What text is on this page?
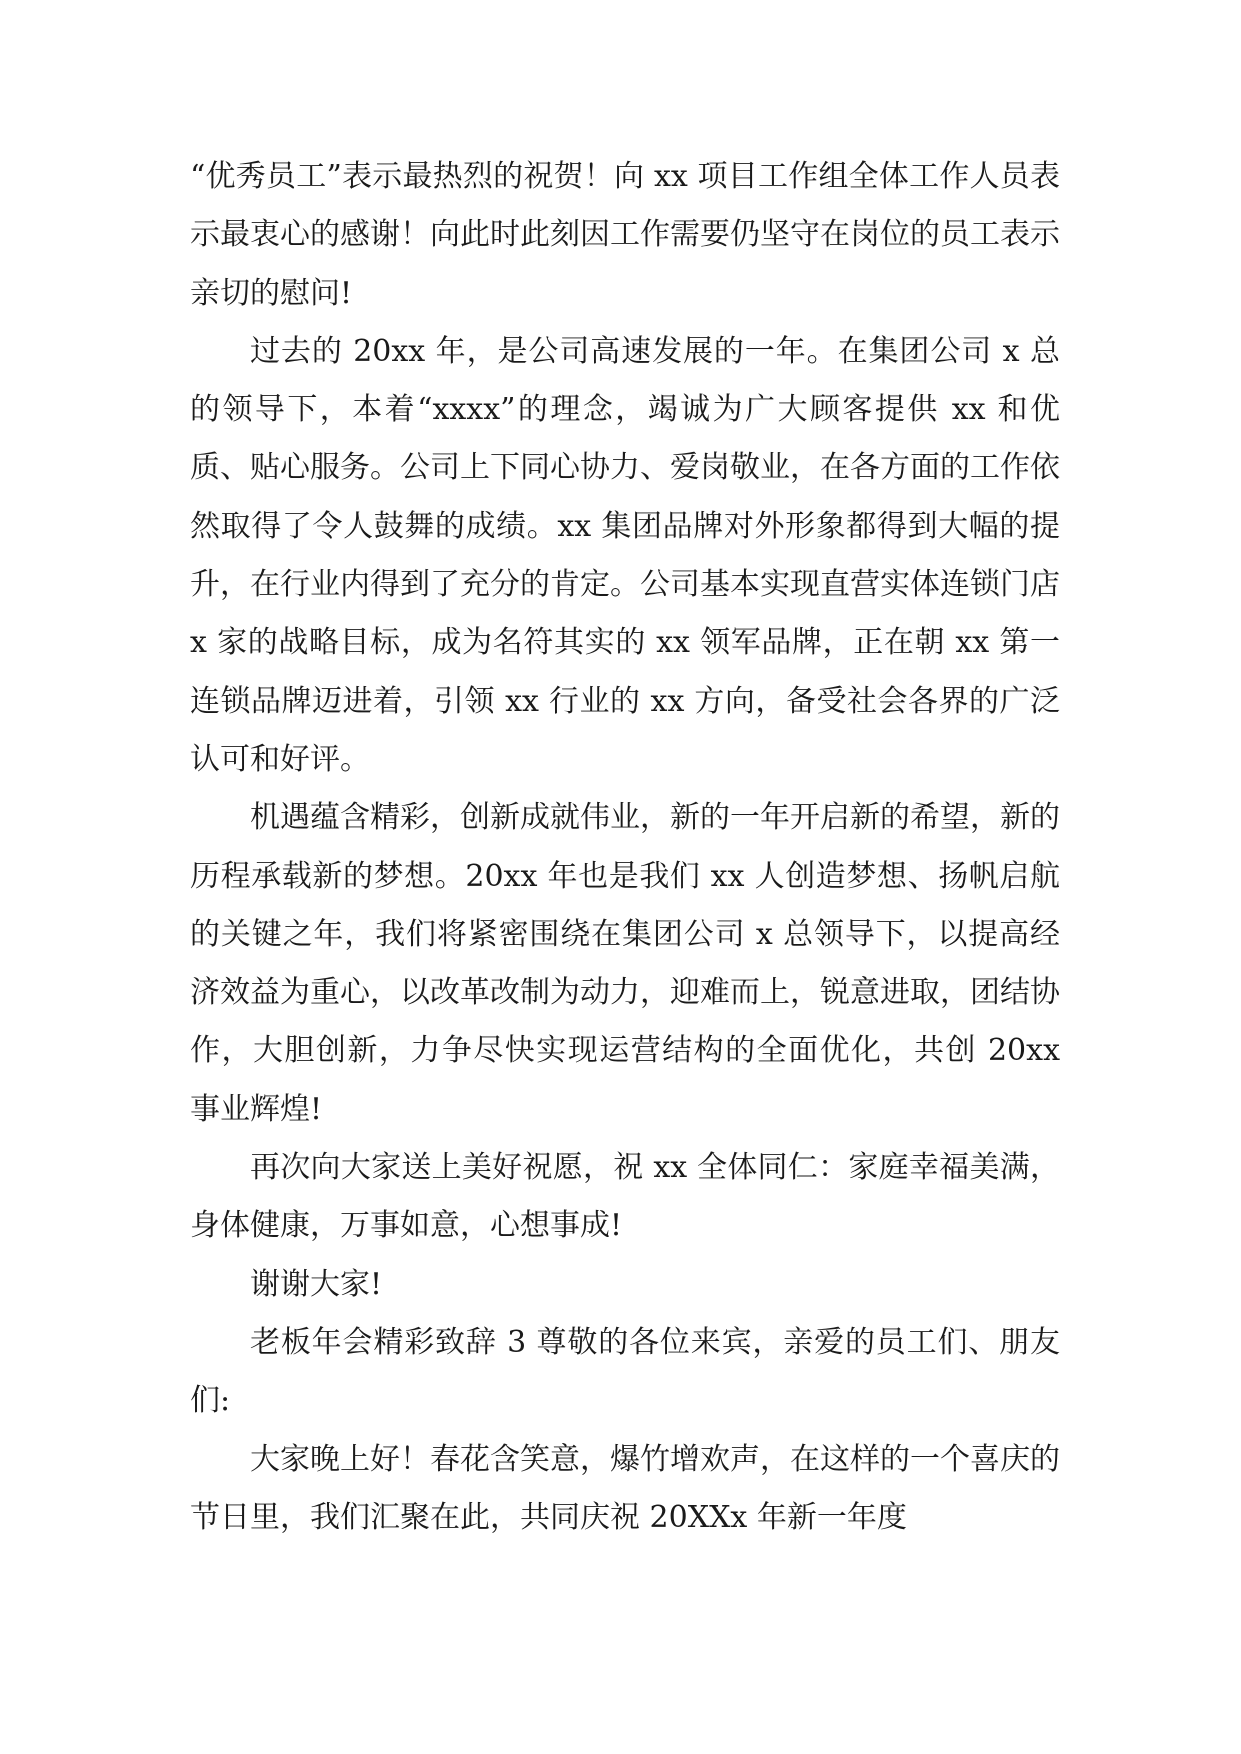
“优秀员工”表示最热烈的祝贺！向 xx 项目工作组全体工作人员表示最衷心的感谢！向此时此刻因工作需要仍坚守在岗位的员工表示亲切的慰问!

过去的 20xx 年，是公司高速发展的一年。在集团公司 x 总的领导下，本着“xxxx”的理念，竭诚为广大顾客提供 xx 和优质、贴心服务。公司上下同心协力、爱岗敬业，在各方面的工作依然取得了令人鼓舞的成绩。xx 集团品牌对外形象都得到大幅的提升，在行业内得到了充分的肯定。公司基本实现直营实体连锁门店 x 家的战略目标，成为名符其实的 xx 领军品牌，正在朝 xx 第一连锁品牌迈进着，引领 xx 行业的 xx 方向，备受社会各界的广泛认可和好评。

机遇蕴含精彩，创新成就伟业，新的一年开启新的希望，新的历程承载新的梦想。20xx 年也是我们 xx 人创造梦想、扬帆启航的关键之年，我们将紧密围绕在集团公司 x 总领导下，以提高经济效益为重心，以改革改制为动力，迎难而上，锐意进取，团结协作，大胆创新，力争尽快实现运营结构的全面优化，共创 20xx 事业辉煌!

再次向大家送上美好祝愿，祝 xx 全体同仁：家庭幸福美满，身体健康，万事如意，心想事成!

谢谢大家!

老板年会精彩致辞 3 尊敬的各位来宾，亲爱的员工们、朋友们:

大家晚上好！春花含笑意，爆竹增欢声，在这样的一个喜庆的节日里，我们汇聚在此，共同庆祝 20XXx 年新一年度
